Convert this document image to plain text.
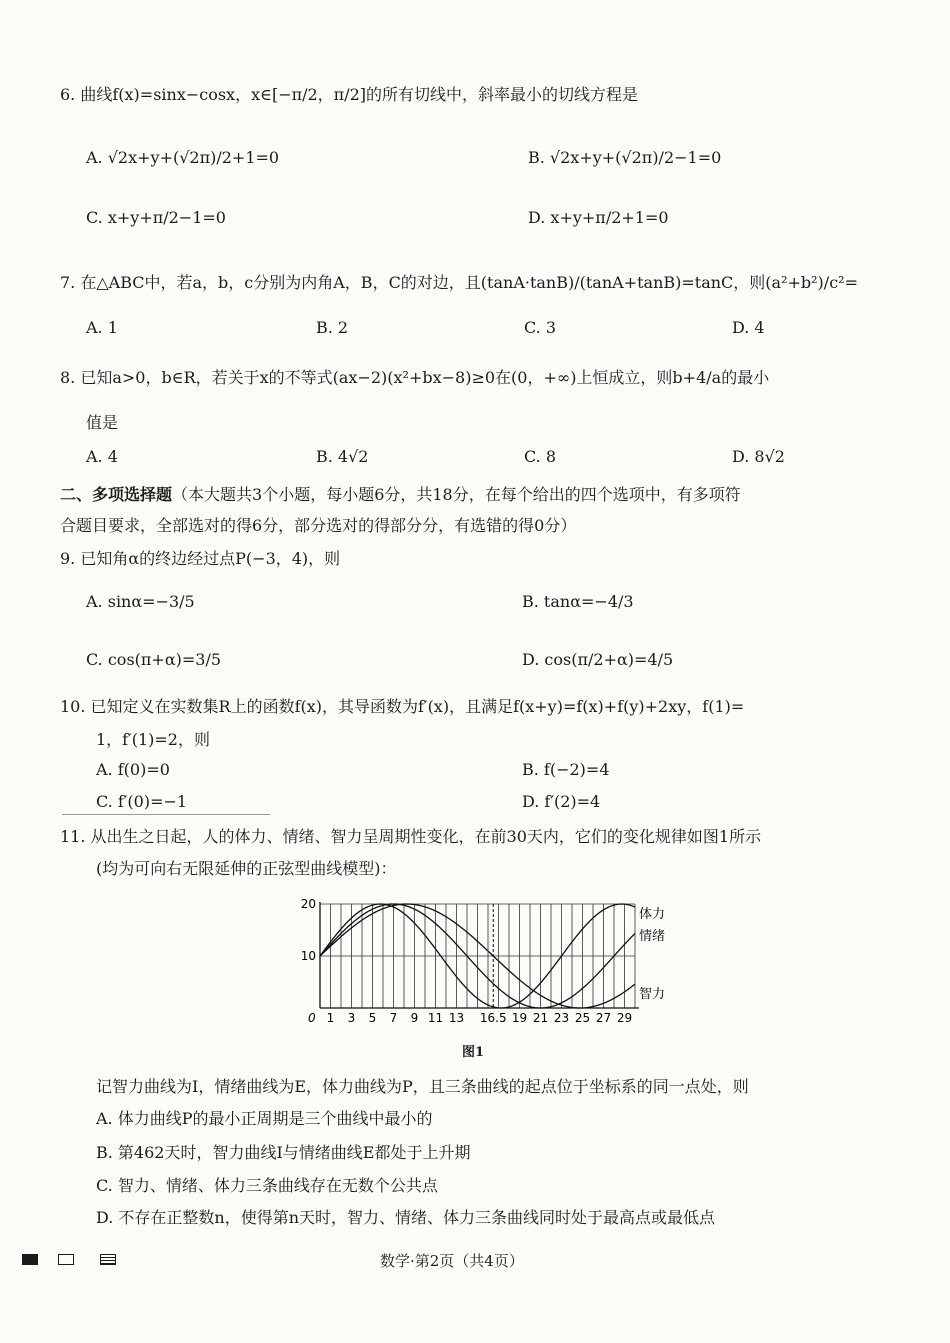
6. 曲线f(x)=sinx−cosx，x∈[−π/2，π/2]的所有切线中，斜率最小的切线方程是
A. √2x+y+(√2π)/2+1=0	B. √2x+y+(√2π)/2−1=0
C. x+y+π/2−1=0	D. x+y+π/2+1=0
7. 在△ABC中，若a，b，c分别为内角A，B，C的对边，且(tanA·tanB)/(tanA+tanB)=tanC，则(a²+b²)/c²=
A. 1	B. 2	C. 3	D. 4
8. 已知a>0，b∈R，若关于x的不等式(ax−2)(x²+bx−8)≥0在(0，+∞)上恒成立，则b+4/a的最小
值是
A. 4	B. 4√2	C. 8	D. 8√2
二、多项选择题（本大题共3个小题，每小题6分，共18分，在每个给出的四个选项中，有多项符
合题目要求，全部选对的得6分，部分选对的得部分分，有选错的得0分）
9. 已知角α的终边经过点P(−3，4)，则
A. sinα=−3/5	B. tanα=−4/3
C. cos(π+α)=3/5	D. cos(π/2+α)=4/5
10. 已知定义在实数集R上的函数f(x)，其导函数为f′(x)，且满足f(x+y)=f(x)+f(y)+2xy，f(1)=
1，f′(1)=2，则
A. f(0)=0	B. f(−2)=4
C. f′(0)=−1	D. f′(2)=4
11. 从出生之日起，人的体力、情绪、智力呈周期性变化，在前30天内，它们的变化规律如图1所示
(均为可向右无限延伸的正弦型曲线模型)：
0 1 3 5 7 9 11 13 16.5 19 21 23 25 27 29
10
20
体力
情绪
智力
图1
记智力曲线为I，情绪曲线为E，体力曲线为P，且三条曲线的起点位于坐标系的同一点处，则
A. 体力曲线P的最小正周期是三个曲线中最小的
B. 第462天时，智力曲线I与情绪曲线E都处于上升期
C. 智力、情绪、体力三条曲线存在无数个公共点
D. 不存在正整数n，使得第n天时，智力、情绪、体力三条曲线同时处于最高点或最低点
数学·第2页（共4页）
